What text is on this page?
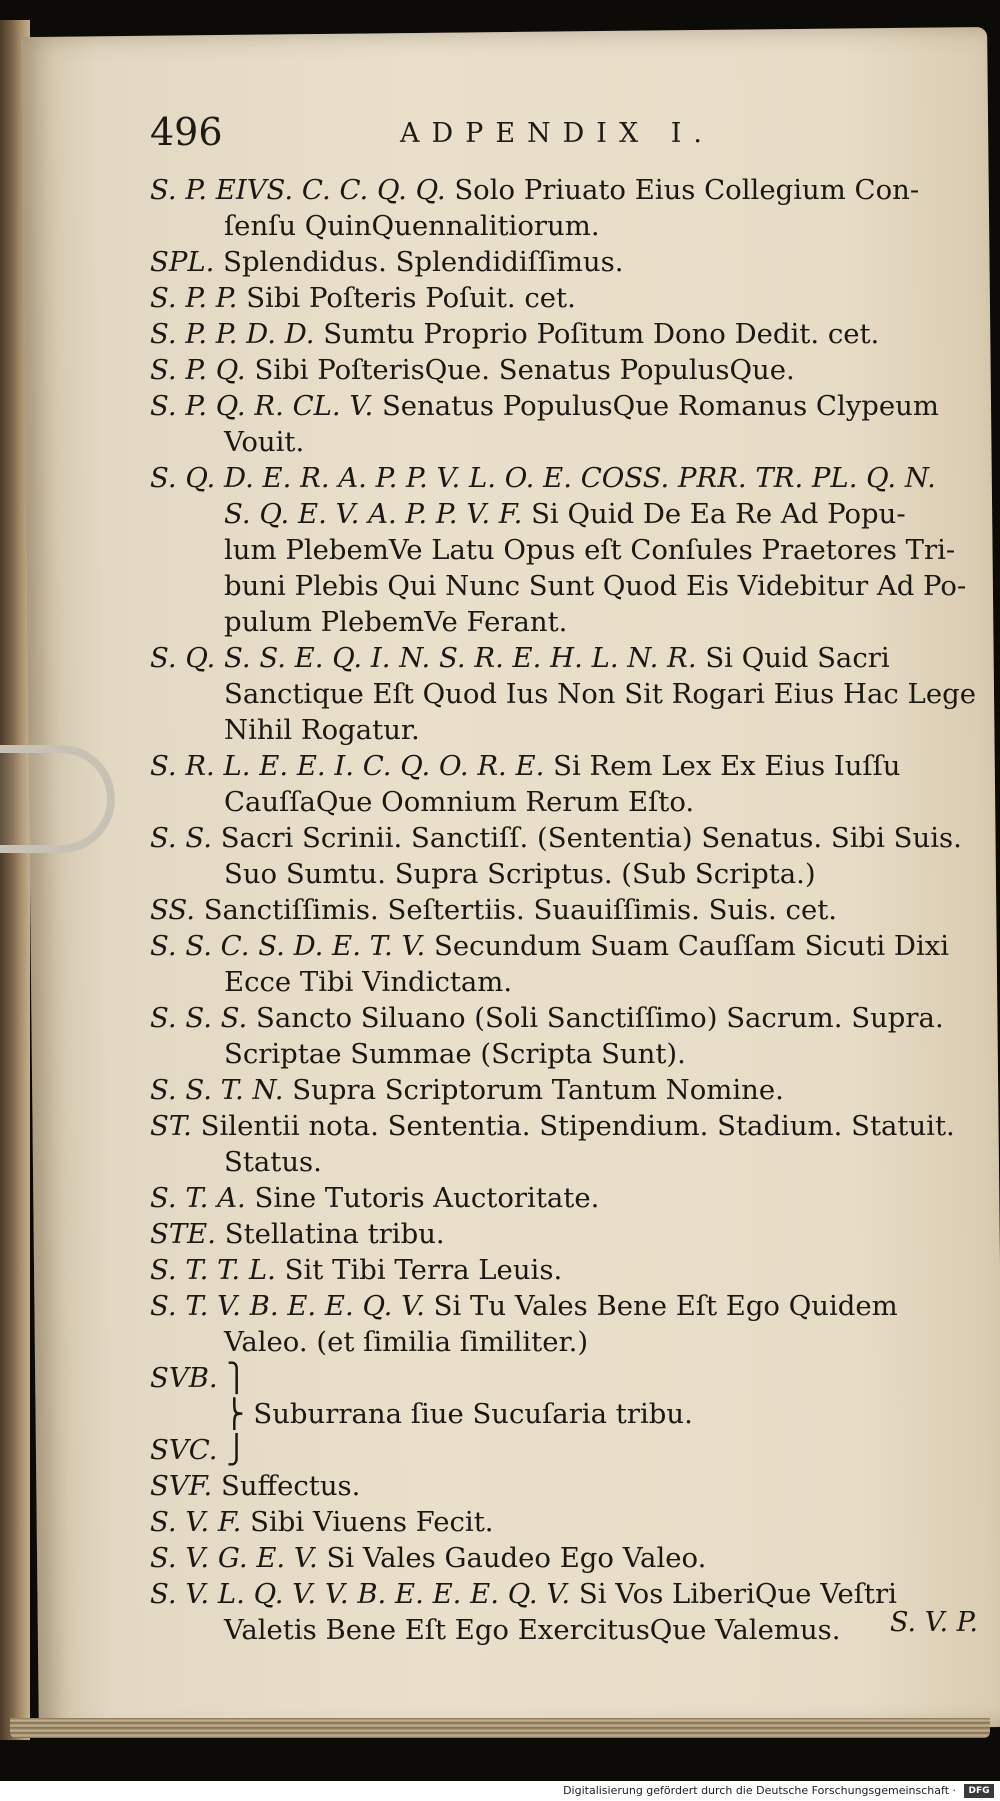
496	ADPENDIX I.
S. P. EIVS. C. C. Q. Q. Solo Priuato Eius Collegium Con-
ſenſu QuinQuennalitiorum.
SPL. Splendidus. Splendidiſſimus.
S. P. P. Sibi Poſteris Poſuit. cet.
S. P. P. D. D. Sumtu Proprio Poſitum Dono Dedit. cet.
S. P. Q. Sibi PoſterisQue. Senatus PopulusQue.
S. P. Q. R. CL. V. Senatus PopulusQue Romanus Clypeum
Vouit.
S. Q. D. E. R. A. P. P. V. L. O. E. COSS. PRR. TR. PL. Q. N.
S. Q. E. V. A. P. P. V. F. Si Quid De Ea Re Ad Popu-
lum PlebemVe Latu Opus eſt Conſules Praetores Tri-
buni Plebis Qui Nunc Sunt Quod Eis Videbitur Ad Po-
pulum PlebemVe Ferant.
S. Q. S. S. E. Q. I. N. S. R. E. H. L. N. R. Si Quid Sacri
Sanctique Eſt Quod Ius Non Sit Rogari Eius Hac Lege
Nihil Rogatur.
S. R. L. E. E. I. C. Q. O. R. E. Si Rem Lex Ex Eius Iuſſu
CauſſaQue Oomnium Rerum Eſto.
S. S. Sacri Scrinii. Sanctiſſ. (Sententia) Senatus. Sibi Suis.
Suo Sumtu. Supra Scriptus. (Sub Scripta.)
SS. Sanctiſſimis. Seſtertiis. Suauiſſimis. Suis. cet.
S. S. C. S. D. E. T. V. Secundum Suam Cauſſam Sicuti Dixi
Ecce Tibi Vindictam.
S. S. S. Sancto Siluano (Soli Sanctiſſimo) Sacrum. Supra.
Scriptae Summae (Scripta Sunt).
S. S. T. N. Supra Scriptorum Tantum Nomine.
ST. Silentii nota. Sententia. Stipendium. Stadium. Statuit.
Status.
S. T. A. Sine Tutoris Auctoritate.
STE. Stellatina tribu.
S. T. T. L. Sit Tibi Terra Leuis.
S. T. V. B. E. E. Q. V. Si Tu Vales Bene Eſt Ego Quidem
Valeo. (et ſimilia ſimiliter.)
SVB. ⎫
⎬ Suburrana ſiue Sucuſaria tribu.
SVC. ⎭
SVF. Suffectus.
S. V. F. Sibi Viuens Fecit.
S. V. G. E. V. Si Vales Gaudeo Ego Valeo.
S. V. L. Q. V. V. B. E. E. E. Q. V. Si Vos LiberiQue Veſtri
Valetis Bene Eſt Ego ExercitusQue Valemus.	S. V. P.
Digitalisierung gefördert durch die Deutsche Forschungsgemeinschaft ·	DFG
